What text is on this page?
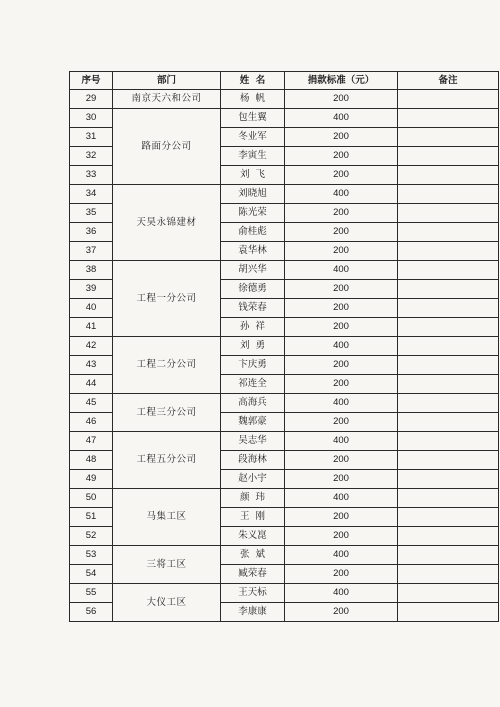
序号	部门	姓  名	捐款标准（元）	备注
29	南京天六和公司	杨帆	200	
30	路面分公司	包生翼	400	
31		冬业军	200	
32		李寅生	200	
33		刘飞	200	
34	天昊永锦建材	刘晓旭	400	
35		陈光荣	200	
36		俞桂彪	200	
37		袁华林	200	
38	工程一分公司	胡兴华	400	
39		徐德勇	200	
40		钱荣春	200	
41		孙祥	200	
42	工程二分公司	刘勇	400	
43		卞庆勇	200	
44		祁连全	200	
45	工程三分公司	高海兵	400	
46		魏郭豪	200	
47	工程五分公司	吴志华	400	
48		段海林	200	
49		赵小宇	200	
50	马集工区	颜玮	400	
51		王刚	200	
52		朱义崑	200	
53	三将工区	张斌	400	
54		臧荣春	200	
55	大仪工区	王天标	400	
56		李康康	200	
